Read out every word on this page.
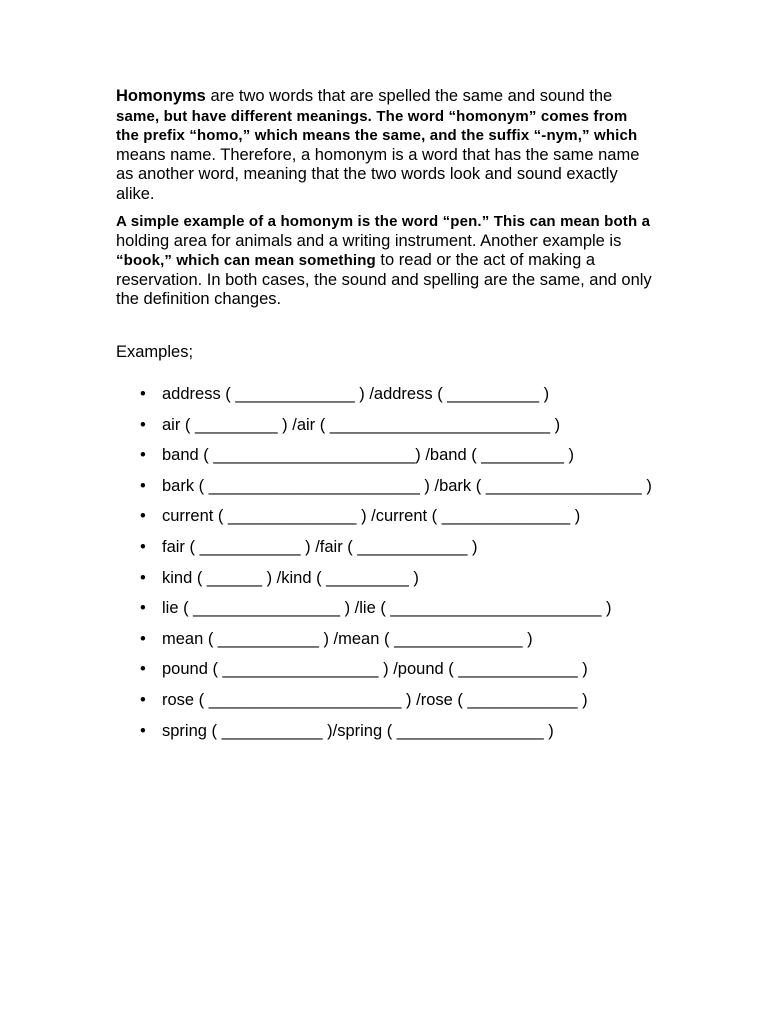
Homonyms are two words that are spelled the same and sound the
same, but have different meanings. The word “homonym” comes from
the prefix “homo,” which means the same, and the suffix “-nym,” which
means name. Therefore, a homonym is a word that has the same name
as another word, meaning that the two words look and sound exactly
alike.

A simple example of a homonym is the word “pen.” This can mean both a
holding area for animals and a writing instrument. Another example is
“book,” which can mean something to read or the act of making a
reservation. In both cases, the sound and spelling are the same, and only
the definition changes.

Examples;

• address ( _____________ ) /address ( __________ )
• air ( _________ ) /air ( ________________________ )
• band ( ______________________) /band ( _________ )
• bark ( _______________________ ) /bark ( _________________ )
• current ( ______________ ) /current ( ______________ )
• fair ( ___________ ) /fair ( ____________ )
• kind ( ______ ) /kind ( _________ )
• lie ( ________________ ) /lie ( _______________________ )
• mean ( ___________ ) /mean ( ______________ )
• pound ( _________________ ) /pound ( _____________ )
• rose ( _____________________ ) /rose ( ____________ )
• spring ( ___________ )/spring ( ________________ )
